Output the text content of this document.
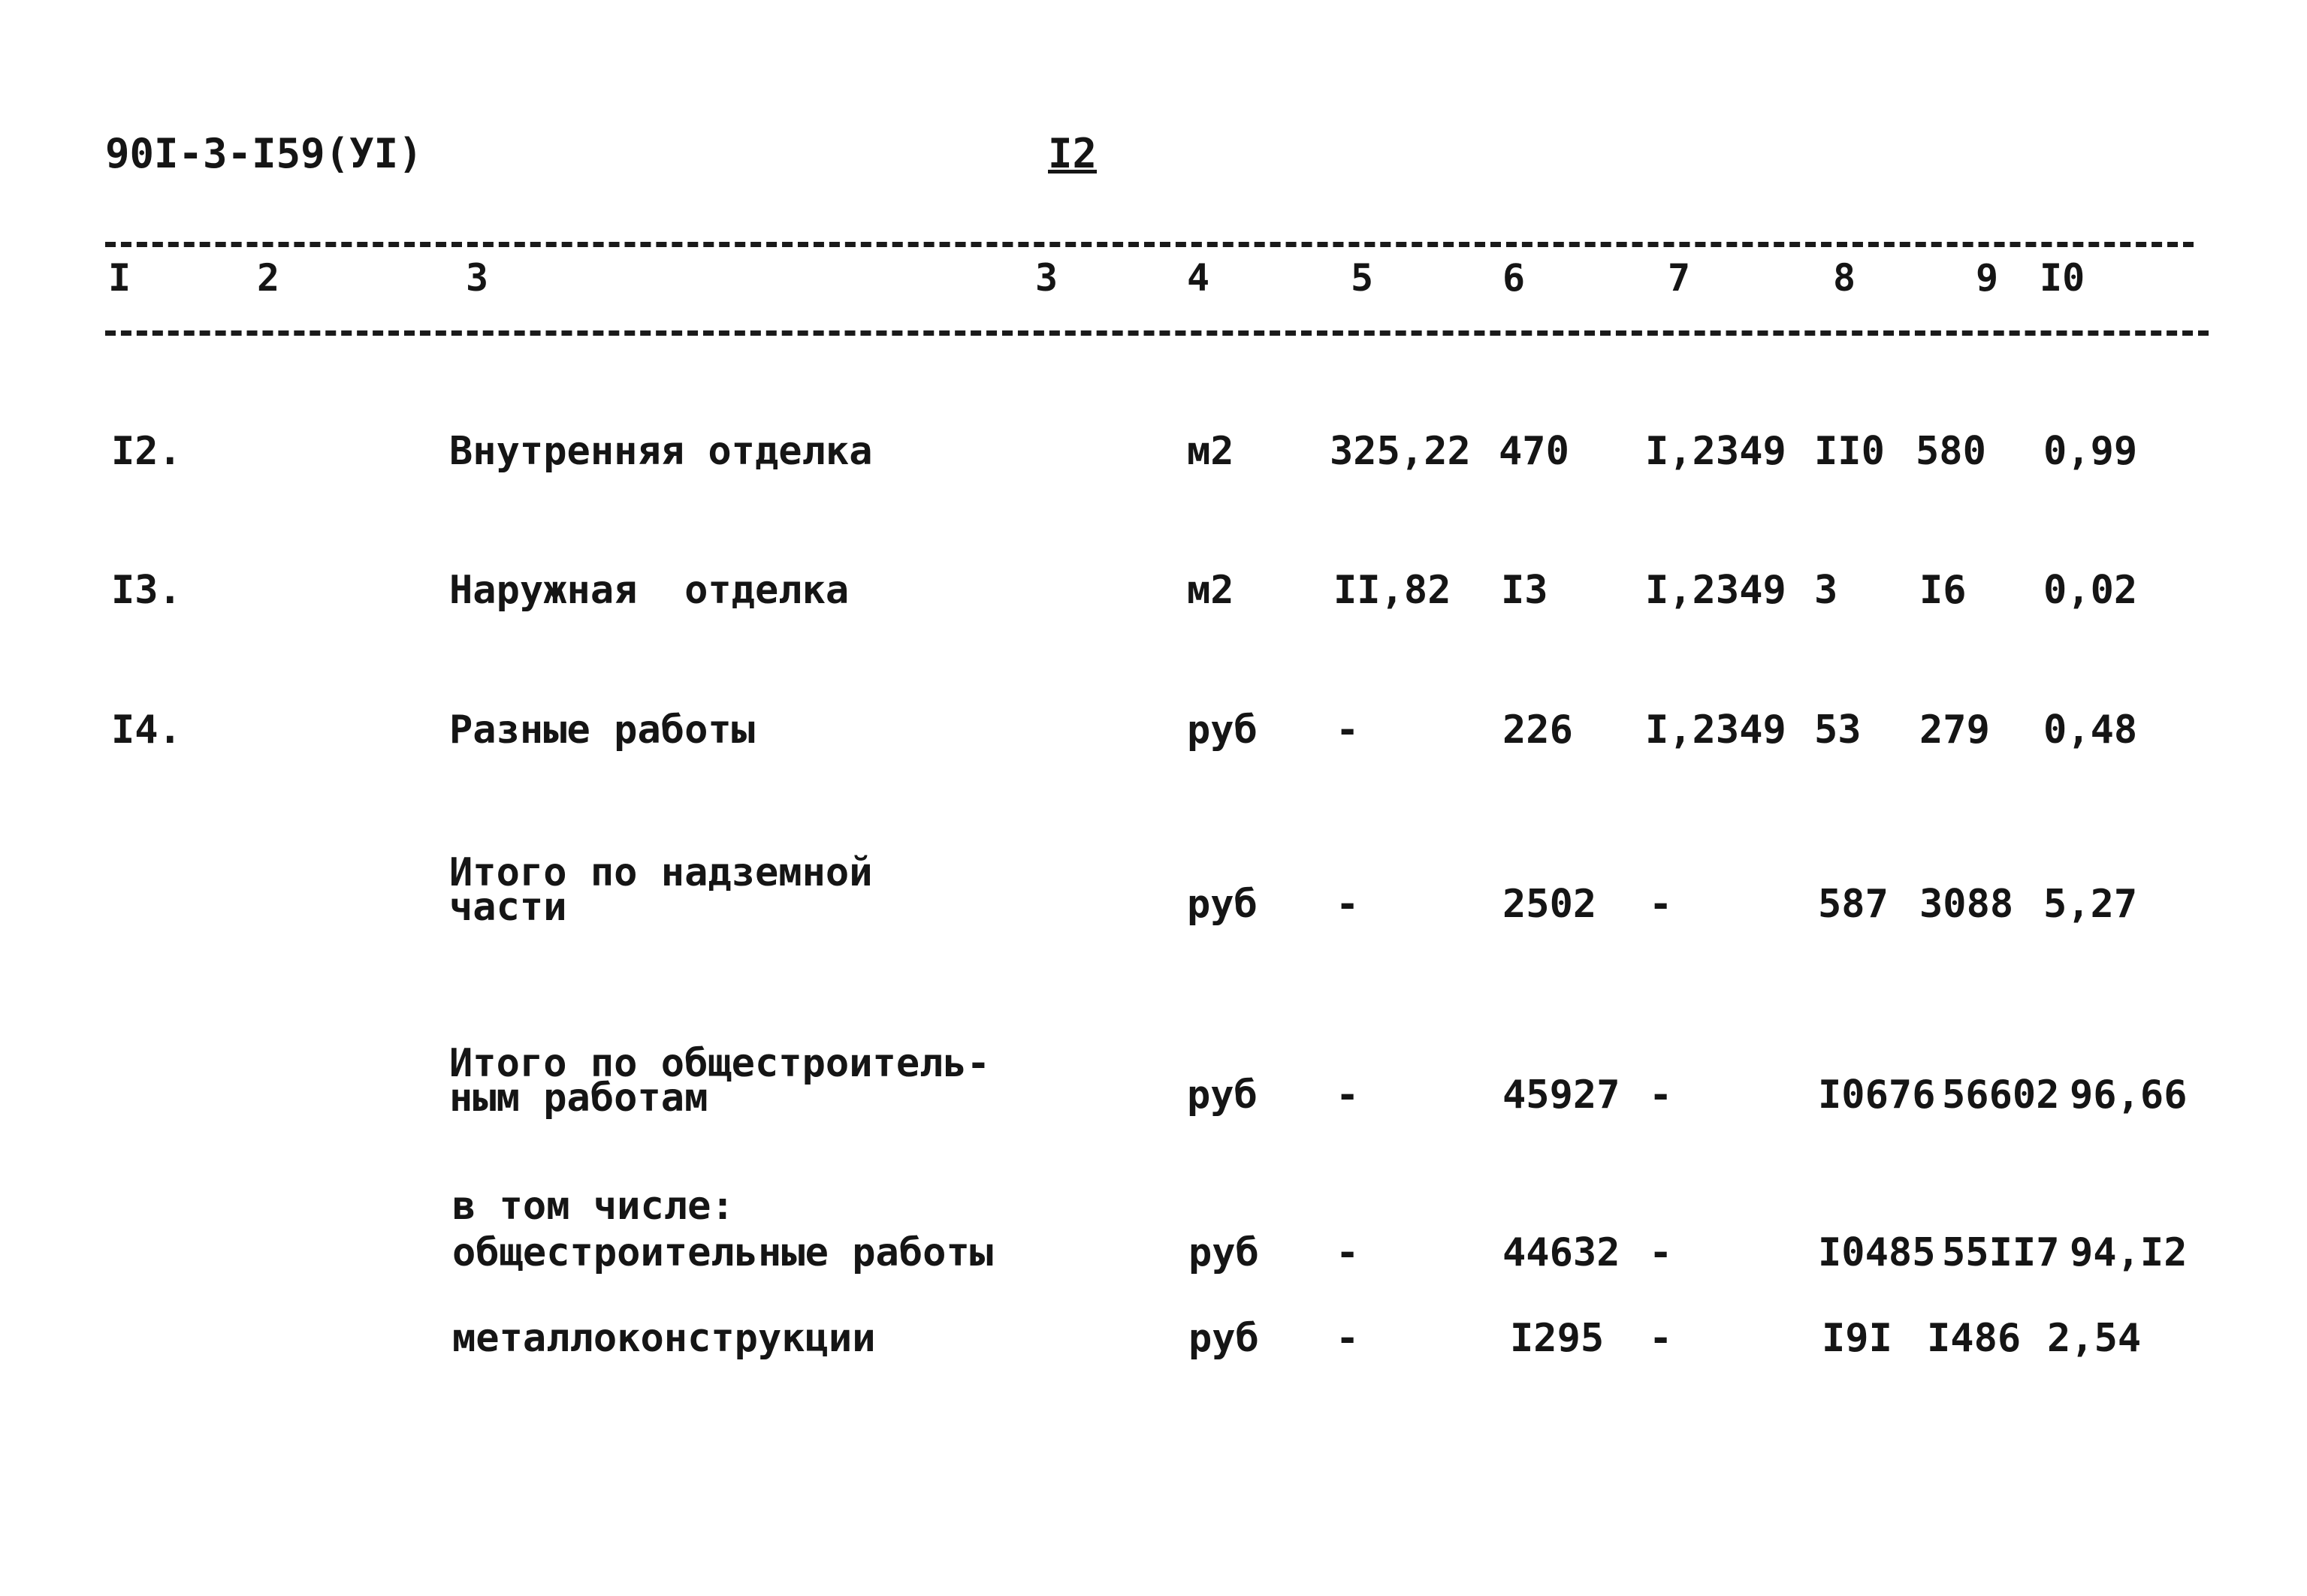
90I-3-I59(УI)	I2
I	2	3	3	4	5	6	7	8	9 I0
I2.	Внутренняя отделка	м2 325,22 470 I,2349 II0 580 0,99
I3.	Наружная  отделка	м2	II,82 I3 I,2349 3 I6 0,02
I4.	Разные работы	руб -	226 I,2349 53 279 0,48
Итого по надземной
части	руб -	2502 -	587 3088 5,27
Итого по общестроитель-
ным работам	руб -	45927 -	I0676 56602 96,66
в том числе:
общестроительные работы	руб -	44632 -	I0485 55II7 94,I2
металлоконструкции	руб -	I295 -	I9I I486 2,54
